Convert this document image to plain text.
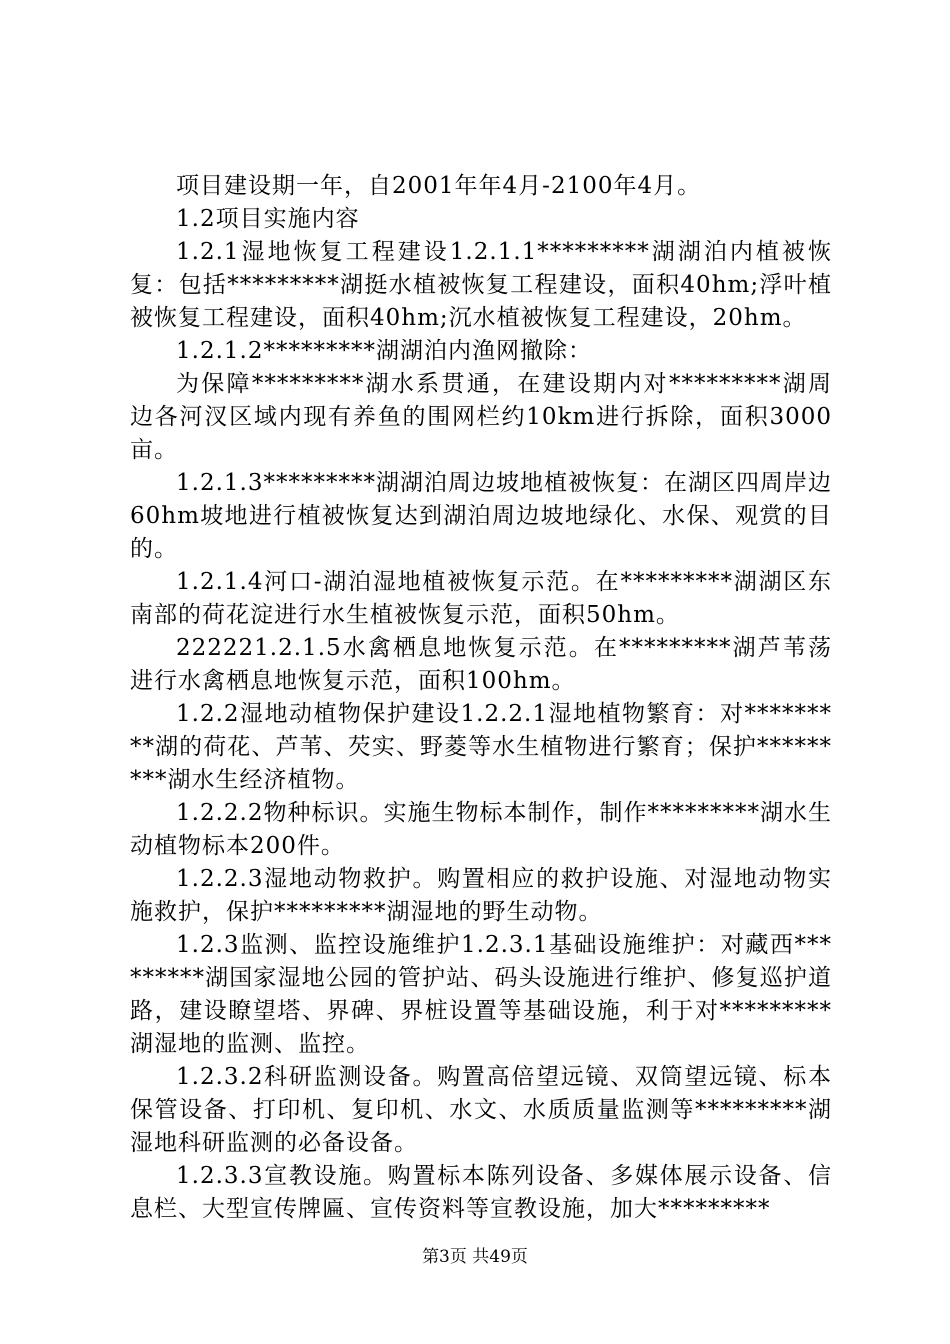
项目建设期一年，自2001年年4月-2100年4月。

1.2项目实施内容

1.2.1湿地恢复工程建设1.2.1.1*********湖湖泊内植被恢复：包括*********湖挺水植被恢复工程建设，面积40hm;浮叶植被恢复工程建设，面积40hm;沉水植被恢复工程建设，20hm。

1.2.1.2*********湖湖泊内渔网撤除：

为保障*********湖水系贯通，在建设期内对*********湖周边各河汊区域内现有养鱼的围网栏约10km进行拆除，面积3000亩。

1.2.1.3*********湖湖泊周边坡地植被恢复：在湖区四周岸边60hm坡地进行植被恢复达到湖泊周边坡地绿化、水保、观赏的目的。

1.2.1.4河口-湖泊湿地植被恢复示范。在*********湖湖区东南部的荷花淀进行水生植被恢复示范，面积50hm。

222221.2.1.5水禽栖息地恢复示范。在*********湖芦苇荡进行水禽栖息地恢复示范，面积100hm。

1.2.2湿地动植物保护建设1.2.2.1湿地植物繁育：对*********湖的荷花、芦苇、芡实、野菱等水生植物进行繁育；保护*********湖水生经济植物。

1.2.2.2物种标识。实施生物标本制作，制作*********湖水生动植物标本200件。

1.2.2.3湿地动物救护。购置相应的救护设施、对湿地动物实施救护，保护*********湖湿地的野生动物。

1.2.3监测、监控设施维护1.2.3.1基础设施维护：对藏西*********湖国家湿地公园的管护站、码头设施进行维护、修复巡护道路，建设瞭望塔、界碑、界桩设置等基础设施，利于对*********湖湿地的监测、监控。

1.2.3.2科研监测设备。购置高倍望远镜、双筒望远镜、标本保管设备、打印机、复印机、水文、水质质量监测等*********湖湿地科研监测的必备设备。

1.2.3.3宣教设施。购置标本陈列设备、多媒体展示设备、信息栏、大型宣传牌匾、宣传资料等宣教设施，加大*********

第3页 共49页
